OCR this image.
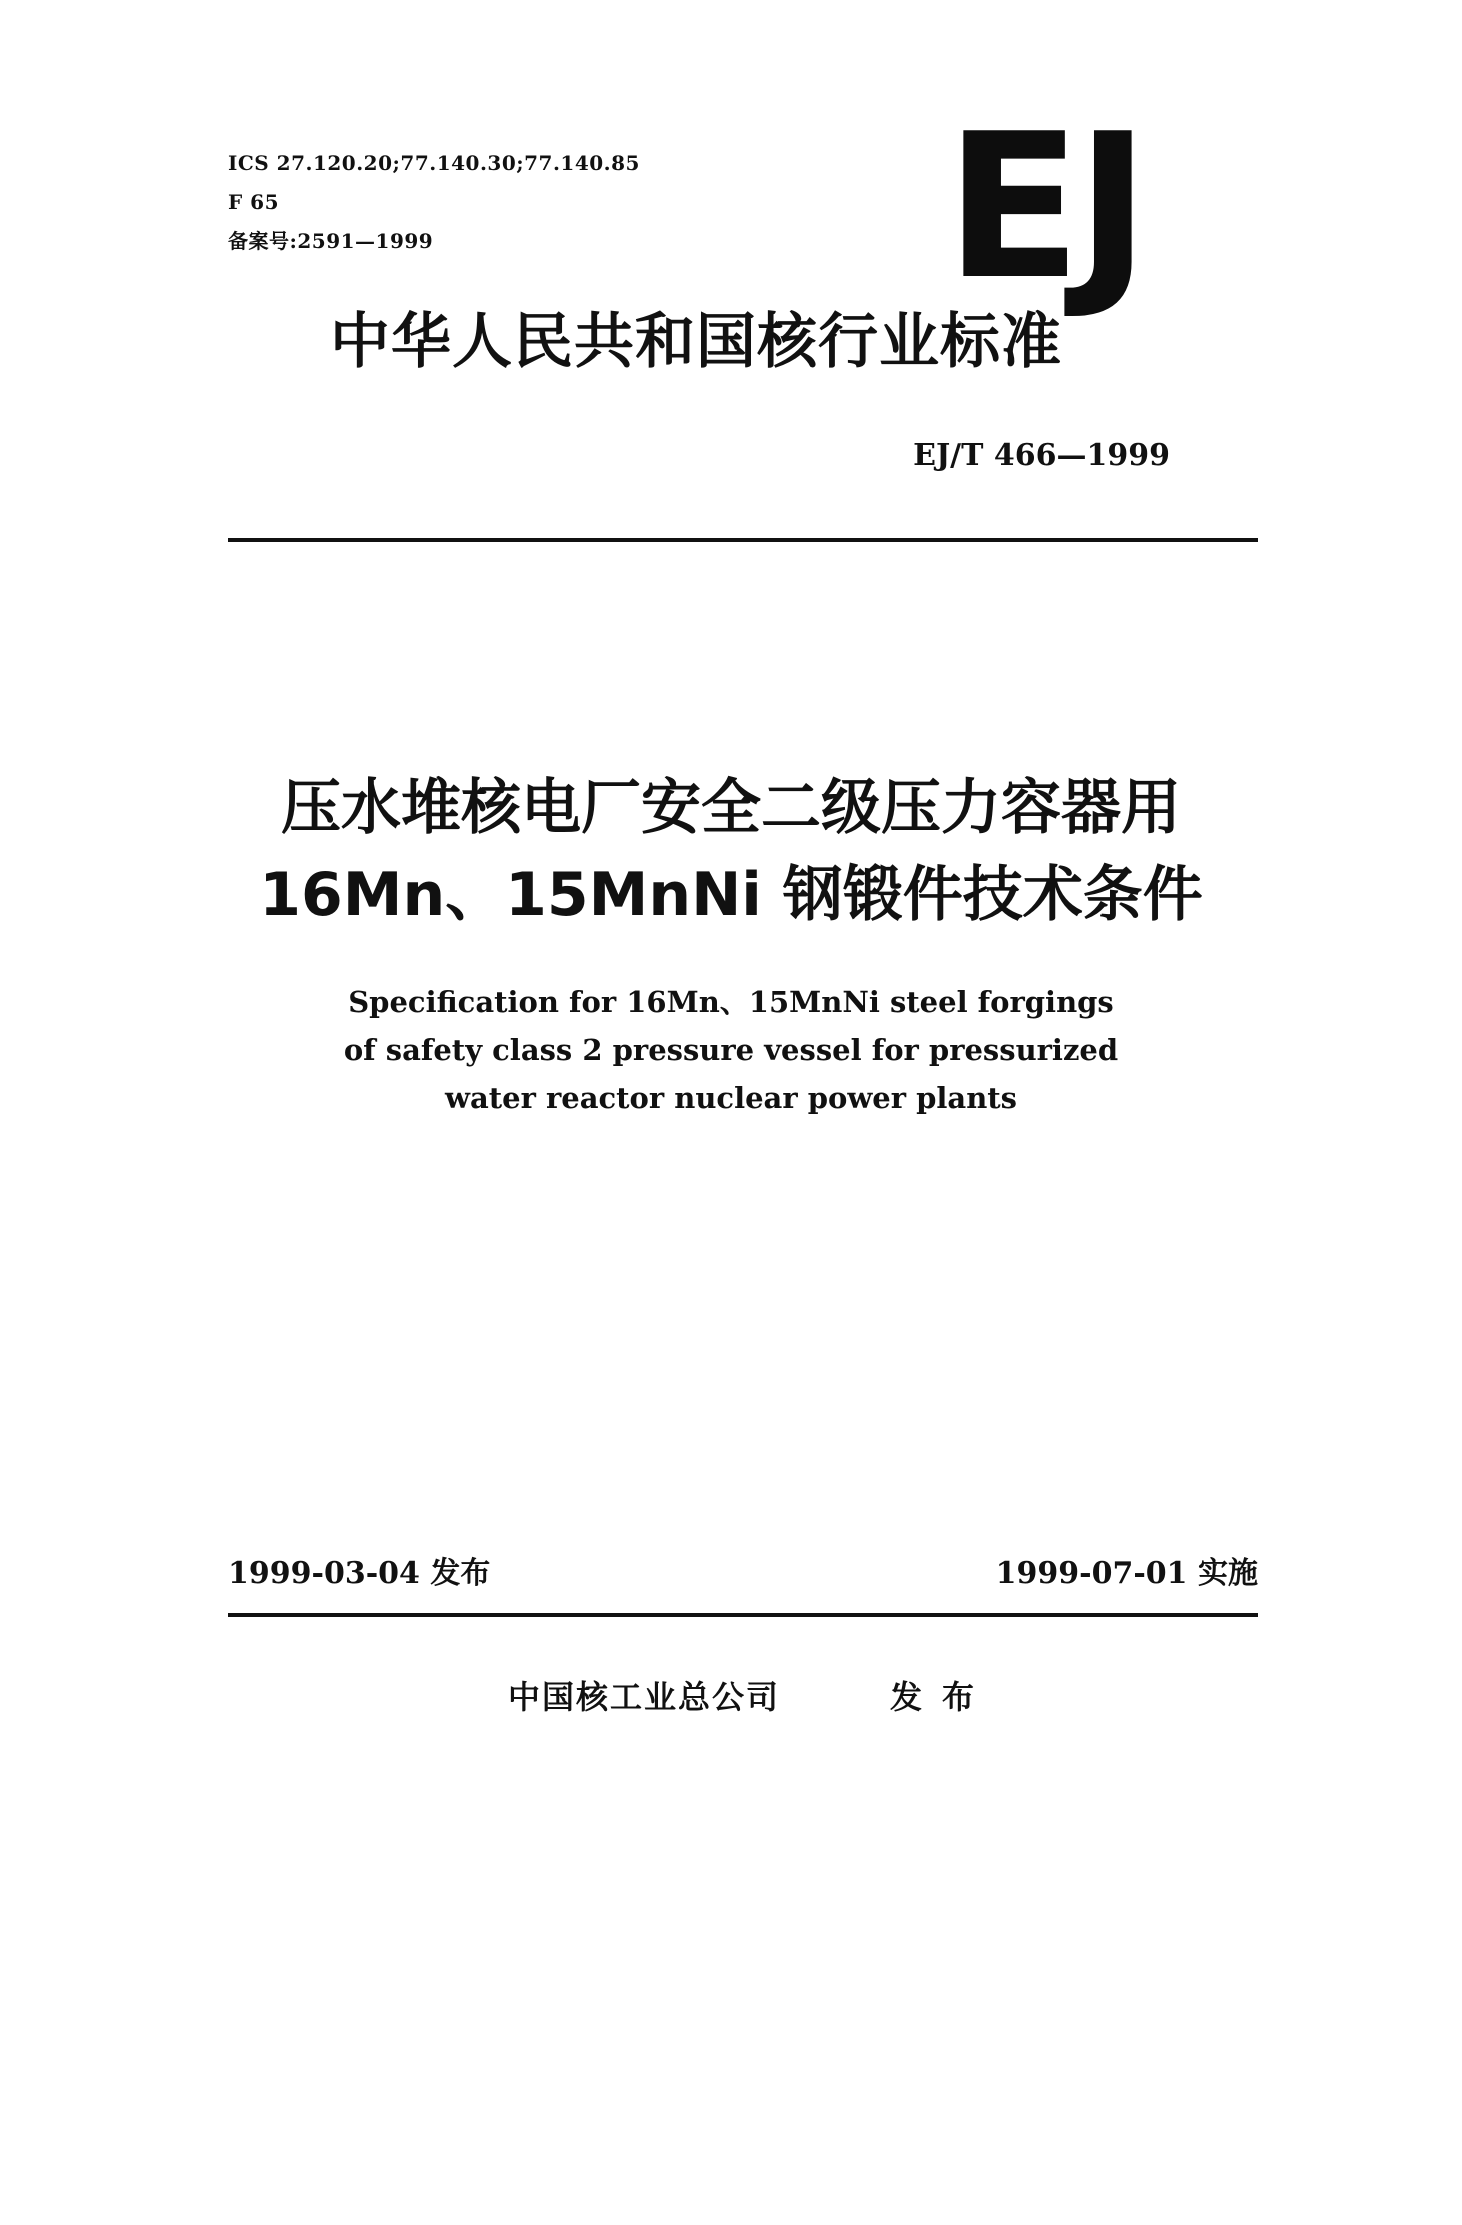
ICS 27.120.20;77.140.30;77.140.85
F 65
备案号:2591—1999	EJ
中华人民共和国核行业标准
EJ/T 466—1999
压水堆核电厂安全二级压力容器用
16Mn、15MnNi 钢锻件技术条件
Specification for 16Mn、15MnNi steel forgings
of safety class 2 pressure vessel for pressurized
water reactor nuclear power plants
1999-03-04 发布	1999-07-01 实施
中国核工业总公司	发布
